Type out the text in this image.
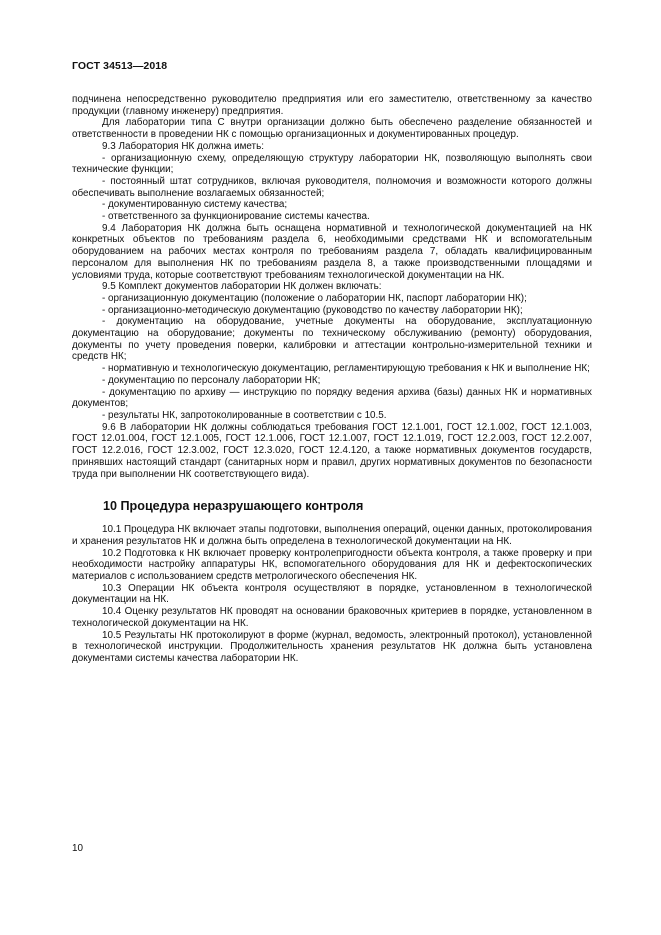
ГОСТ 34513—2018

подчинена непосредственно руководителю предприятия или его заместителю, ответственному за качество продукции (главному инженеру) предприятия.

Для лаборатории типа С внутри организации должно быть обеспечено разделение обязанностей и ответственности в проведении НК с помощью организационных и документированных процедур.

9.3 Лаборатория НК должна иметь:

- организационную схему, определяющую структуру лаборатории НК, позволяющую выполнять свои технические функции;

- постоянный штат сотрудников, включая руководителя, полномочия и возможности которого должны обеспечивать выполнение возлагаемых обязанностей;

- документированную систему качества;

- ответственного за функционирование системы качества.

9.4 Лаборатория НК должна быть оснащена нормативной и технологической документацией на НК конкретных объектов по требованиям раздела 6, необходимыми средствами НК и вспомогательным оборудованием на рабочих местах контроля по требованиям раздела 7, обладать квалифицированным персоналом для выполнения НК по требованиям раздела 8, а также производственными площадями и условиями труда, которые соответствуют требованиям технологической документации на НК.

9.5 Комплект документов лаборатории НК должен включать:

- организационную документацию (положение о лаборатории НК, паспорт лаборатории НК);

- организационно-методическую документацию (руководство по качеству лаборатории НК);

- документацию на оборудование, учетные документы на оборудование, эксплуатационную документацию на оборудование; документы по техническому обслуживанию (ремонту) оборудования, документы по учету проведения поверки, калибровки и аттестации контрольно-измерительной техники и средств НК;

- нормативную и технологическую документацию, регламентирующую требования к НК и выполнение НК;

- документацию по персоналу лаборатории НК;

- документацию по архиву — инструкцию по порядку ведения архива (базы) данных НК и нормативных документов;

- результаты НК, запротоколированные в соответствии с 10.5.

9.6 В лаборатории НК должны соблюдаться требования ГОСТ 12.1.001, ГОСТ 12.1.002, ГОСТ 12.1.003, ГОСТ 12.01.004, ГОСТ 12.1.005, ГОСТ 12.1.006, ГОСТ 12.1.007, ГОСТ 12.1.019, ГОСТ 12.2.003, ГОСТ 12.2.007, ГОСТ 12.2.016, ГОСТ 12.3.002, ГОСТ 12.3.020, ГОСТ 12.4.120, а также нормативных документов государств, принявших настоящий стандарт (санитарных норм и правил, других нормативных документов по безопасности труда при выполнении НК соответствующего вида).

10 Процедура неразрушающего контроля

10.1 Процедура НК включает этапы подготовки, выполнения операций, оценки данных, протоколирования и хранения результатов НК и должна быть определена в технологической документации на НК.

10.2 Подготовка к НК включает проверку контролепригодности объекта контроля, а также проверку и при необходимости настройку аппаратуры НК, вспомогательного оборудования для НК и дефектоскопических материалов с использованием средств метрологического обеспечения НК.

10.3 Операции НК объекта контроля осуществляют в порядке, установленном в технологической документации на НК.

10.4 Оценку результатов НК проводят на основании браковочных критериев в порядке, установленном в технологической документации на НК.

10.5 Результаты НК протоколируют в форме (журнал, ведомость, электронный протокол), установленной в технологической инструкции. Продолжительность хранения результатов НК должна быть установлена документами системы качества лаборатории НК.

10
